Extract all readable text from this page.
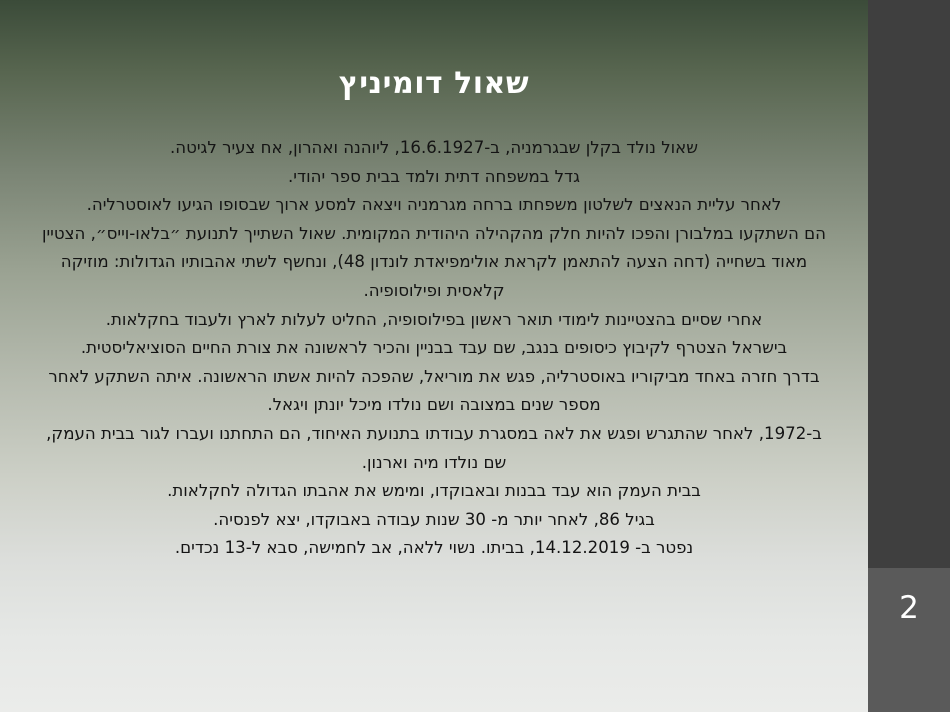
שאול דומיניץ

שאול נולד בקלן שבגרמניה, ב-16.6.1927, ליוהנה ואהרון, אח צעיר לגיטה.

גדל במשפחה דתית ולמד בבית ספר יהודי.

לאחר עליית הנאצים לשלטון משפחתו ברחה מגרמניה ויצאה למסע ארוך שבסופו הגיעו לאוסטרליה.

הם השתקעו במלבורן והפכו להיות חלק מהקהילה היהודית המקומית. שאול השתייך לתנועת ״בלאו-וייס״, הצטיין מאוד בשחייה (דחה הצעה להתאמן לקראת אולימפיאדת לונדון 48), ונחשף לשתי אהבותיו הגדולות: מוזיקה קלאסית ופילוסופיה.

אחרי שסיים בהצטיינות לימודי תואר ראשון בפילוסופיה, החליט לעלות לארץ ולעבוד בחקלאות.

בישראל הצטרף לקיבוץ כיסופים בנגב, שם עבד בבניין והכיר לראשונה את צורת החיים הסוציאליסטית.

בדרך חזרה באחד מביקוריו באוסטרליה, פגש את מוריאל, שהפכה להיות אשתו הראשונה. איתה השתקע לאחר מספר שנים במצובה ושם נולדו מיכל יונתן ויגאל.

ב-1972, לאחר שהתגרש ופגש את לאה במסגרת עבודתו בתנועת האיחוד, הם התחתנו ועברו לגור בבית העמק, שם נולדו מיה וארנון.

בבית העמק הוא עבד בבנות ובאבוקדו, ומימש את אהבתו הגדולה לחקלאות.

בגיל 86, לאחר יותר מ- 30 שנות עבודה באבוקדו, יצא לפנסיה.

נפטר ב- 14.12.2019, בביתו. נשוי ללאה, אב לחמישה, סבא ל-13 נכדים.

2
